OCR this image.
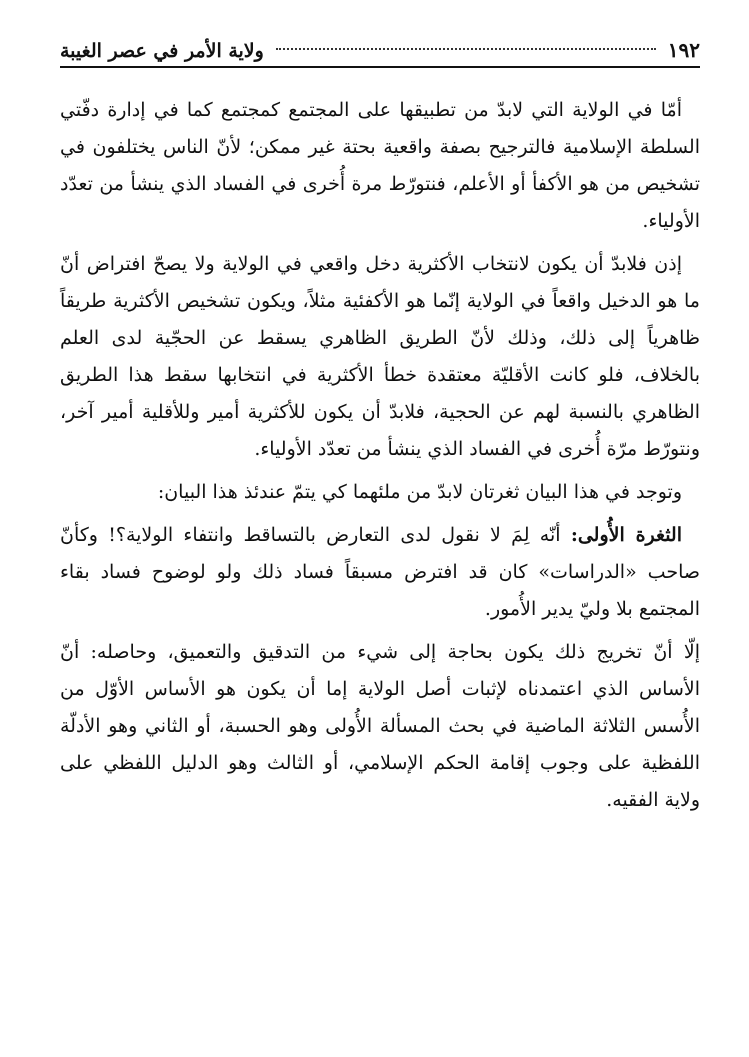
١٩٢
ولاية الأمر في عصر الغيبة

أمّا في الولاية التي لابدّ من تطبيقها على المجتمع كمجتمع كما في إدارة دفّتي السلطة الإسلامية فالترجيح بصفة واقعية بحتة غير ممكن؛ لأنّ الناس يختلفون في تشخيص من هو الأكفأ أو الأعلم، فنتورّط مرة أُخرى في الفساد الذي ينشأ من تعدّد الأولياء.

إذن فلابدّ أن يكون لانتخاب الأكثرية دخل واقعي في الولاية ولا يصحّ افتراض أنّ ما هو الدخيل واقعاً في الولاية إنّما هو الأكفئية مثلاً، ويكون تشخيص الأكثرية طريقاً ظاهرياً إلى ذلك، وذلك لأنّ الطريق الظاهري يسقط عن الحجّية لدى العلم بالخلاف، فلو كانت الأقليّة معتقدة خطأ الأكثرية في انتخابها سقط هذا الطريق الظاهري بالنسبة لهم عن الحجية، فلابدّ أن يكون للأكثرية أمير وللأقلية أمير آخر، ونتورّط مرّة أُخرى في الفساد الذي ينشأ من تعدّد الأولياء.

وتوجد في هذا البيان ثغرتان لابدّ من ملئهما كي يتمّ عندئذ هذا البيان:

الثغرة الأُولى: أنّه لِمَ لا نقول لدى التعارض بالتساقط وانتفاء الولاية؟! وكأنّ صاحب «الدراسات» كان قد افترض مسبقاً فساد ذلك ولو لوضوح فساد بقاء المجتمع بلا وليّ يدير الأُمور.

إلّا أنّ تخريج ذلك يكون بحاجة إلى شيء من التدقيق والتعميق، وحاصله: أنّ الأساس الذي اعتمدناه لإثبات أصل الولاية إما أن يكون هو الأساس الأوّل من الأُسس الثلاثة الماضية في بحث المسألة الأُولى وهو الحسبة، أو الثاني وهو الأدلّة اللفظية على وجوب إقامة الحكم الإسلامي، أو الثالث وهو الدليل اللفظي على ولاية الفقيه.
